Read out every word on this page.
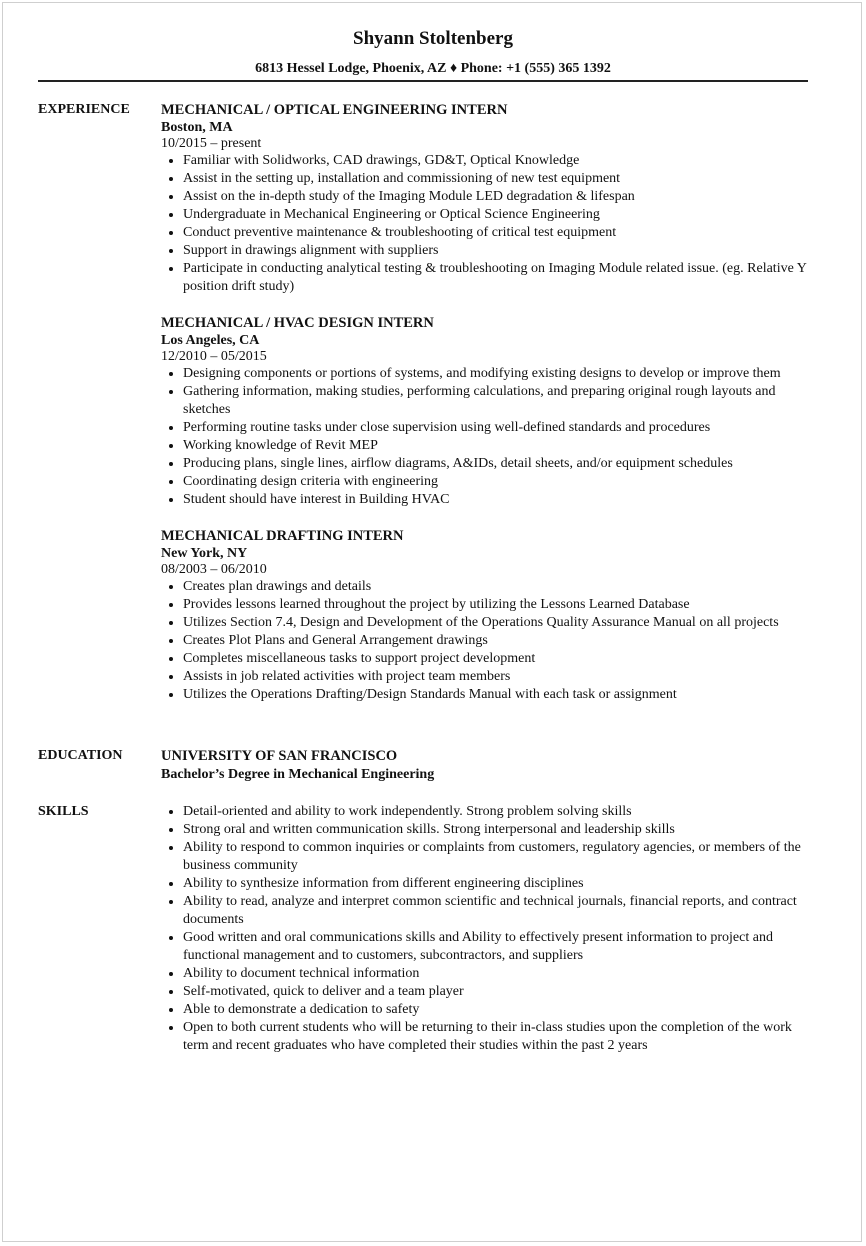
Shyann Stoltenberg
6813 Hessel Lodge, Phoenix, AZ ♦ Phone: +1 (555) 365 1392
EXPERIENCE MECHANICAL / OPTICAL ENGINEERING INTERN
Boston, MA
10/2015 – present
• Familiar with Solidworks, CAD drawings, GD&T, Optical Knowledge
• Assist in the setting up, installation and commissioning of new test equipment
• Assist on the in-depth study of the Imaging Module LED degradation & lifespan
• Undergraduate in Mechanical Engineering or Optical Science Engineering
• Conduct preventive maintenance & troubleshooting of critical test equipment
• Support in drawings alignment with suppliers
• Participate in conducting analytical testing & troubleshooting on Imaging Module related issue. (eg. Relative Y position drift study)
MECHANICAL / HVAC DESIGN INTERN
Los Angeles, CA
12/2010 – 05/2015
• Designing components or portions of systems, and modifying existing designs to develop or improve them
• Gathering information, making studies, performing calculations, and preparing original rough layouts and sketches
• Performing routine tasks under close supervision using well-defined standards and procedures
• Working knowledge of Revit MEP
• Producing plans, single lines, airflow diagrams, A&IDs, detail sheets, and/or equipment schedules
• Coordinating design criteria with engineering
• Student should have interest in Building HVAC
MECHANICAL DRAFTING INTERN
New York, NY
08/2003 – 06/2010
• Creates plan drawings and details
• Provides lessons learned throughout the project by utilizing the Lessons Learned Database
• Utilizes Section 7.4, Design and Development of the Operations Quality Assurance Manual on all projects
• Creates Plot Plans and General Arrangement drawings
• Completes miscellaneous tasks to support project development
• Assists in job related activities with project team members
• Utilizes the Operations Drafting/Design Standards Manual with each task or assignment
EDUCATION	UNIVERSITY OF SAN FRANCISCO
Bachelor’s Degree in Mechanical Engineering
SKILLS
•	Detail-oriented and ability to work independently. Strong problem solving skills
• Strong oral and written communication skills. Strong interpersonal and leadership skills
• Ability to respond to common inquiries or complaints from customers, regulatory agencies, or members of the business community
• Ability to synthesize information from different engineering disciplines
• Ability to read, analyze and interpret common scientific and technical journals, financial reports, and contract documents
• Good written and oral communications skills and Ability to effectively present information to project and functional management and to customers, subcontractors, and suppliers
• Ability to document technical information
• Self-motivated, quick to deliver and a team player
• Able to demonstrate a dedication to safety
• Open to both current students who will be returning to their in-class studies upon the completion of the work term and recent graduates who have completed their studies within the past 2 years
